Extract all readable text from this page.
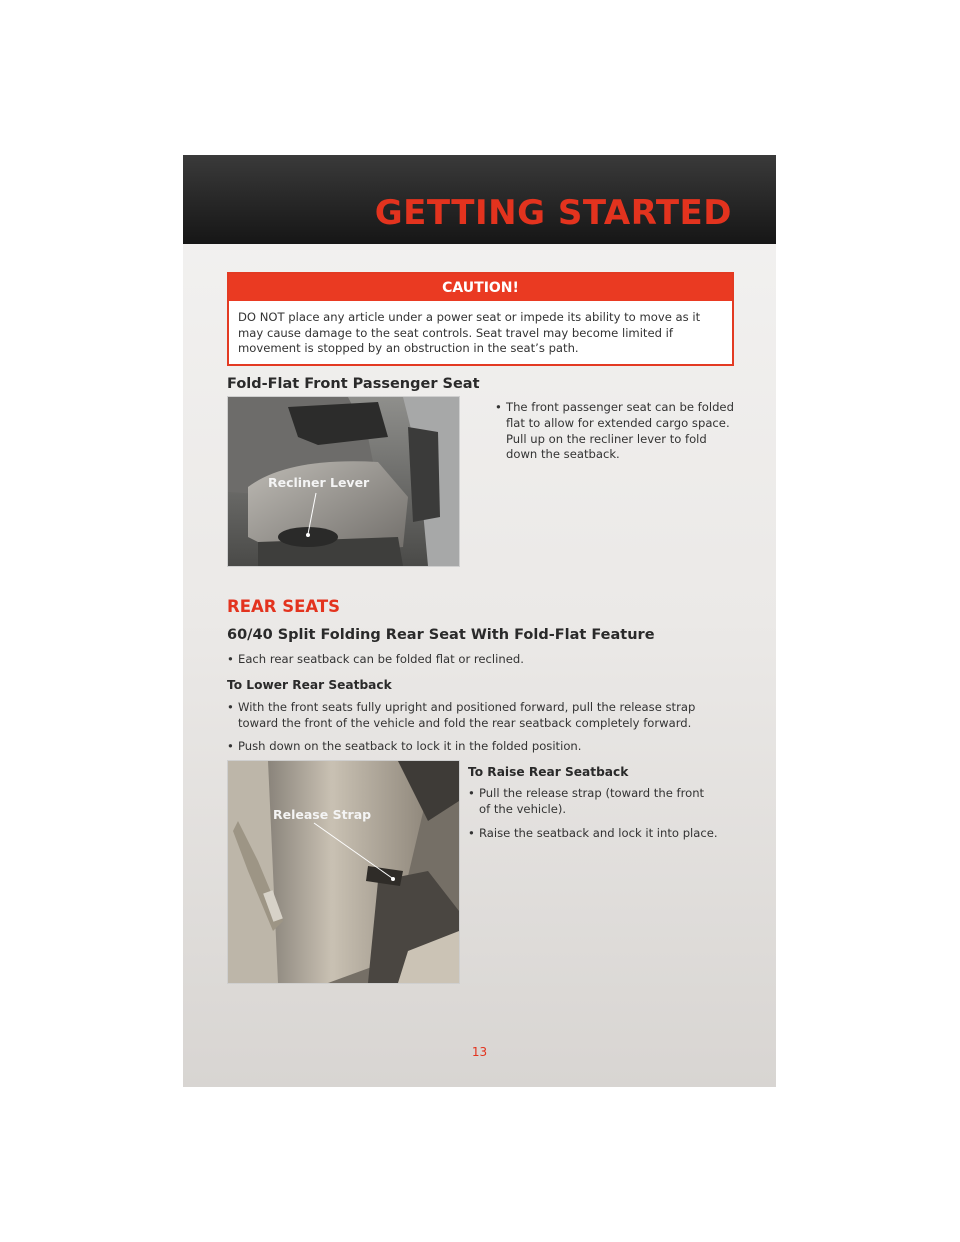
GETTING STARTED
CAUTION!
DO NOT place any article under a power seat or impede its ability to move as it may cause damage to the seat controls. Seat travel may become limited if movement is stopped by an obstruction in the seat’s path.
Fold-Flat Front Passenger Seat
Recliner Lever
• The front passenger seat can be folded flat to allow for extended cargo space. Pull up on the recliner lever to fold down the seatback.
REAR SEATS
60/40 Split Folding Rear Seat With Fold-Flat Feature
• Each rear seatback can be folded flat or reclined.
To Lower Rear Seatback
• With the front seats fully upright and positioned forward, pull the release strap toward the front of the vehicle and fold the rear seatback completely forward.
• Push down on the seatback to lock it in the folded position.
Release Strap
To Raise Rear Seatback
• Pull the release strap (toward the front of the vehicle).
• Raise the seatback and lock it into place.
13
